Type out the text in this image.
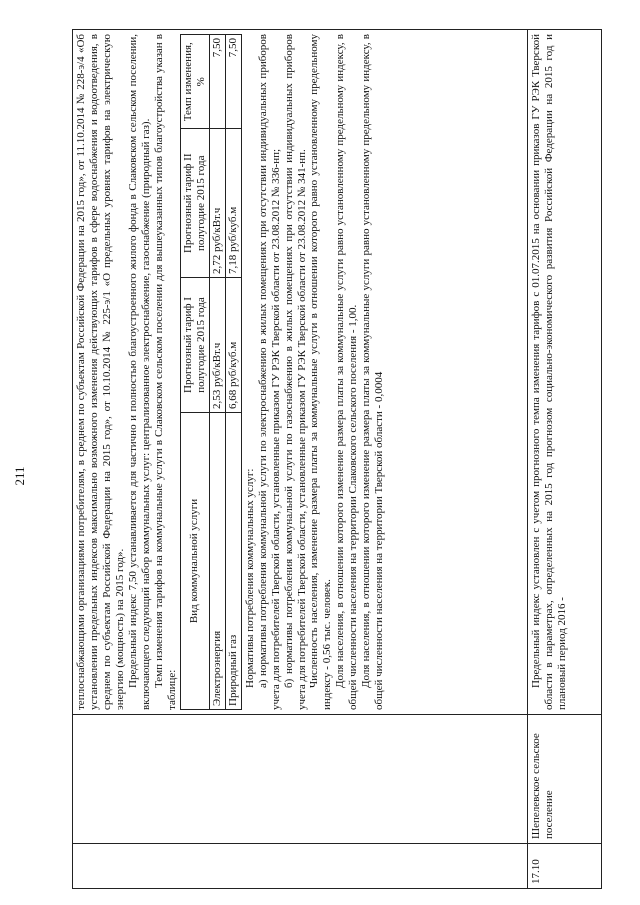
211
			теплоснабжающими организациями потребителям, в среднем по субъектам Российской Федерации на 2015 год», от 11.10.2014 № 228-э/4 «Об установлении предельных индексов максимально возможного изменения действующих тарифов в сфере водоснабжения и водоотведения, в среднем по субъектам Российской Федерации на 2015 год», от 10.10.2014 № 225-э/1 «О предельных уровнях тарифов на электрическую энергию (мощность) на 2015 год». Предельный индекс 7,50 устанавливается для частично и полностью благоустроенного жилого фонда в Слаковском сельском поселении, включающего следующий набор коммунальных услуг: централизованное электроснабжение, газоснабжение (природный газ). Темп изменения тарифов на коммунальные услуги в Слаковском сельском поселении для вышеуказанных типов благоустройства указан в таблице:

Вид коммунальной услуги	Прогнозный тариф I полугодие 2015 года	Прогнозный тариф II полугодие 2015 года	Темп изменения, %
Электроэнергия	2,53 руб/кВт.ч	2,72 руб/кВт.ч	7,50
Природный газ	6,68 руб/куб.м	7,18 руб/куб.м	7,50

Нормативы потребления коммунальных услуг: а) нормативы потребления коммунальной услуги по электроснабжению в жилых помещениях при отсутствии индивидуальных приборов учета для потребителей Тверской области, установленные приказом ГУ РЭК Тверской области от 23.08.2012 № 336-нп; б) нормативы потребления коммунальной услуги по газоснабжению в жилых помещениях при отсутствии индивидуальных приборов учета для потребителей Тверской области, установленные приказом ГУ РЭК Тверской области от 23.08.2012 № 341-нп. Численность населения, изменение размера платы за коммунальные услуги в отношении которого равно установленному предельному индексу - 0,56 тыс. человек. Доля населения, в отношении которого изменение размера платы за коммунальные услуги равно установленному предельному индексу, в общей численности населения на территории Слаковского сельского поселения - 1,00. Доля населения, в отношении которого изменение размера платы за коммунальные услуги равно установленному предельному индексу, в общей численности населения на территории Тверской области - 0,0004

17.10	Шепелевское сельское поселение	

Предельный индекс установлен с учетом прогнозного темпа изменения тарифов с 01.07.2015 на основании приказов ГУ РЭК Тверской области в параметрах, определенных на 2015 год прогнозом социально-экономического развития Российской Федерации на 2015 год и плановый период 2016 -
